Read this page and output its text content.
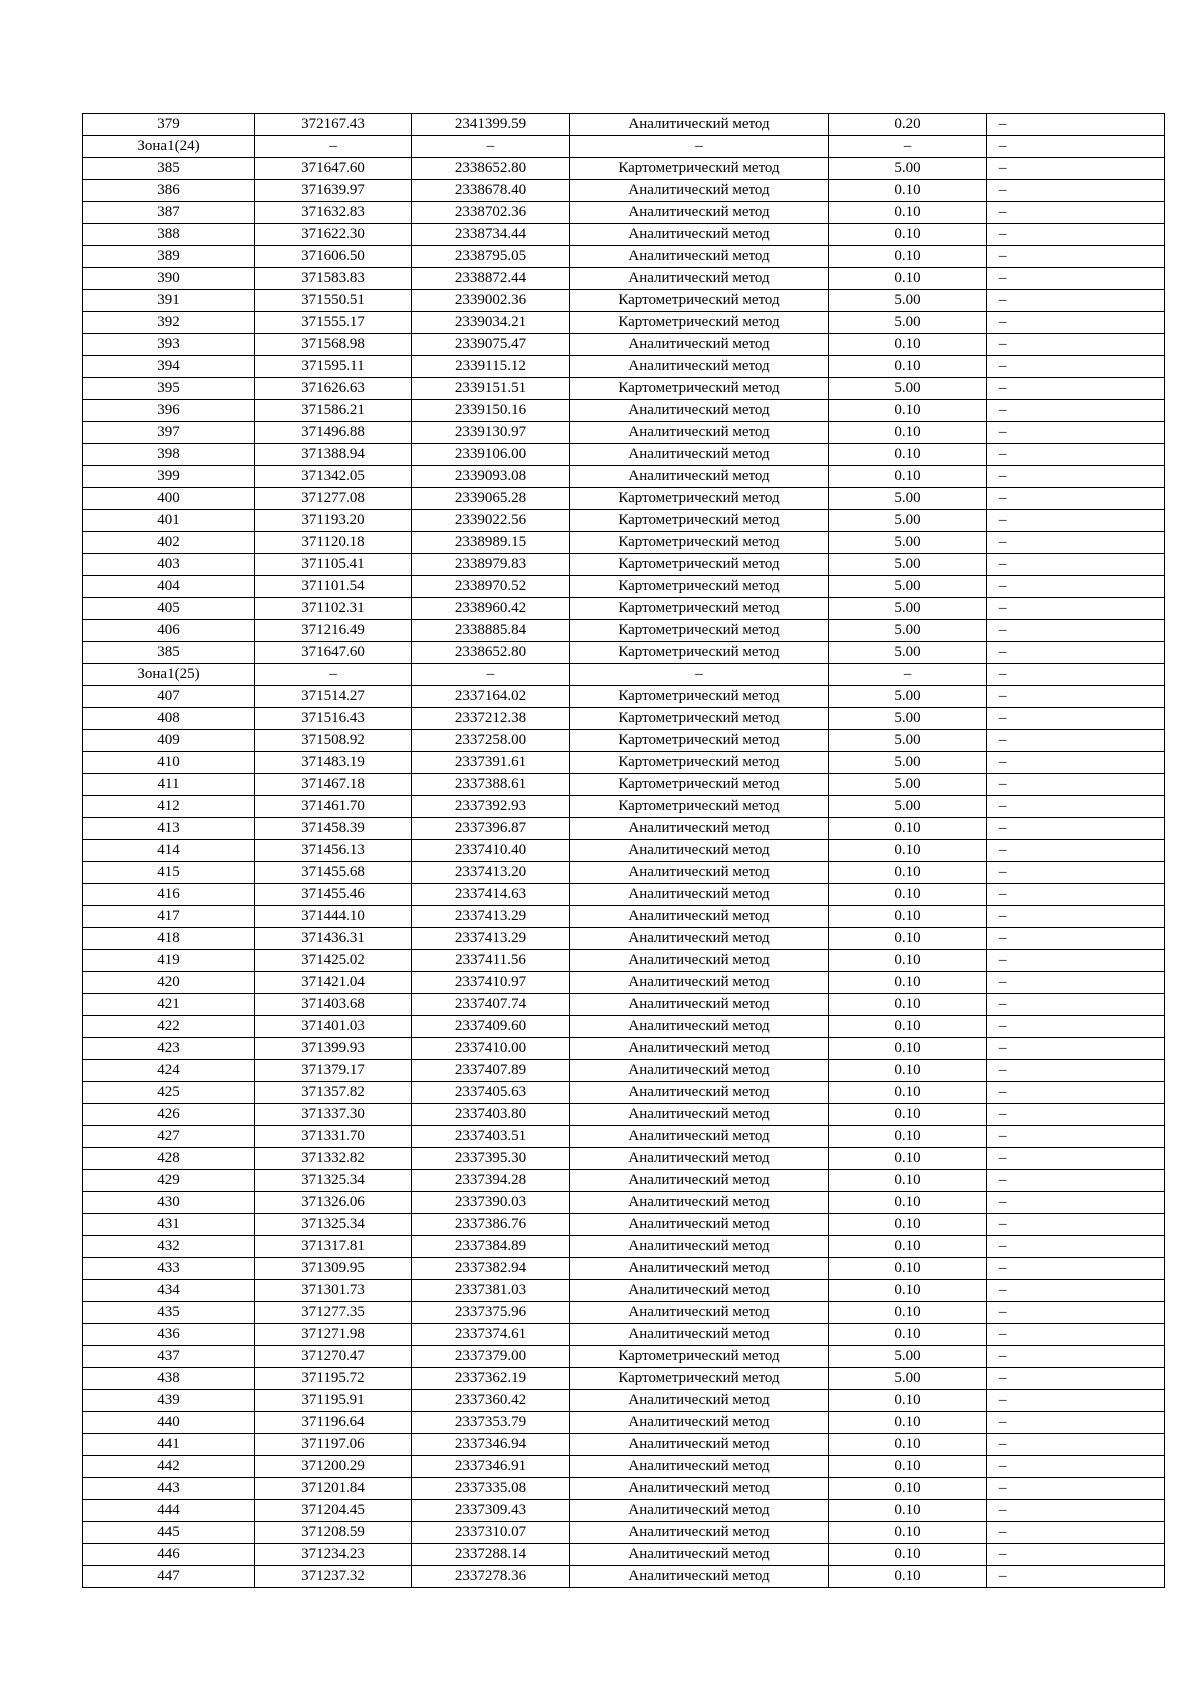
379	372167.43	2341399.59	Аналитический метод	0.20	–
Зона1(24)	–	–	–	–	–
385	371647.60	2338652.80	Картометрический метод	5.00	–
386	371639.97	2338678.40	Аналитический метод	0.10	–
387	371632.83	2338702.36	Аналитический метод	0.10	–
388	371622.30	2338734.44	Аналитический метод	0.10	–
389	371606.50	2338795.05	Аналитический метод	0.10	–
390	371583.83	2338872.44	Аналитический метод	0.10	–
391	371550.51	2339002.36	Картометрический метод	5.00	–
392	371555.17	2339034.21	Картометрический метод	5.00	–
393	371568.98	2339075.47	Аналитический метод	0.10	–
394	371595.11	2339115.12	Аналитический метод	0.10	–
395	371626.63	2339151.51	Картометрический метод	5.00	–
396	371586.21	2339150.16	Аналитический метод	0.10	–
397	371496.88	2339130.97	Аналитический метод	0.10	–
398	371388.94	2339106.00	Аналитический метод	0.10	–
399	371342.05	2339093.08	Аналитический метод	0.10	–
400	371277.08	2339065.28	Картометрический метод	5.00	–
401	371193.20	2339022.56	Картометрический метод	5.00	–
402	371120.18	2338989.15	Картометрический метод	5.00	–
403	371105.41	2338979.83	Картометрический метод	5.00	–
404	371101.54	2338970.52	Картометрический метод	5.00	–
405	371102.31	2338960.42	Картометрический метод	5.00	–
406	371216.49	2338885.84	Картометрический метод	5.00	–
385	371647.60	2338652.80	Картометрический метод	5.00	–
Зона1(25)	–	–	–	–	–
407	371514.27	2337164.02	Картометрический метод	5.00	–
408	371516.43	2337212.38	Картометрический метод	5.00	–
409	371508.92	2337258.00	Картометрический метод	5.00	–
410	371483.19	2337391.61	Картометрический метод	5.00	–
411	371467.18	2337388.61	Картометрический метод	5.00	–
412	371461.70	2337392.93	Картометрический метод	5.00	–
413	371458.39	2337396.87	Аналитический метод	0.10	–
414	371456.13	2337410.40	Аналитический метод	0.10	–
415	371455.68	2337413.20	Аналитический метод	0.10	–
416	371455.46	2337414.63	Аналитический метод	0.10	–
417	371444.10	2337413.29	Аналитический метод	0.10	–
418	371436.31	2337413.29	Аналитический метод	0.10	–
419	371425.02	2337411.56	Аналитический метод	0.10	–
420	371421.04	2337410.97	Аналитический метод	0.10	–
421	371403.68	2337407.74	Аналитический метод	0.10	–
422	371401.03	2337409.60	Аналитический метод	0.10	–
423	371399.93	2337410.00	Аналитический метод	0.10	–
424	371379.17	2337407.89	Аналитический метод	0.10	–
425	371357.82	2337405.63	Аналитический метод	0.10	–
426	371337.30	2337403.80	Аналитический метод	0.10	–
427	371331.70	2337403.51	Аналитический метод	0.10	–
428	371332.82	2337395.30	Аналитический метод	0.10	–
429	371325.34	2337394.28	Аналитический метод	0.10	–
430	371326.06	2337390.03	Аналитический метод	0.10	–
431	371325.34	2337386.76	Аналитический метод	0.10	–
432	371317.81	2337384.89	Аналитический метод	0.10	–
433	371309.95	2337382.94	Аналитический метод	0.10	–
434	371301.73	2337381.03	Аналитический метод	0.10	–
435	371277.35	2337375.96	Аналитический метод	0.10	–
436	371271.98	2337374.61	Аналитический метод	0.10	–
437	371270.47	2337379.00	Картометрический метод	5.00	–
438	371195.72	2337362.19	Картометрический метод	5.00	–
439	371195.91	2337360.42	Аналитический метод	0.10	–
440	371196.64	2337353.79	Аналитический метод	0.10	–
441	371197.06	2337346.94	Аналитический метод	0.10	–
442	371200.29	2337346.91	Аналитический метод	0.10	–
443	371201.84	2337335.08	Аналитический метод	0.10	–
444	371204.45	2337309.43	Аналитический метод	0.10	–
445	371208.59	2337310.07	Аналитический метод	0.10	–
446	371234.23	2337288.14	Аналитический метод	0.10	–
447	371237.32	2337278.36	Аналитический метод	0.10	–
